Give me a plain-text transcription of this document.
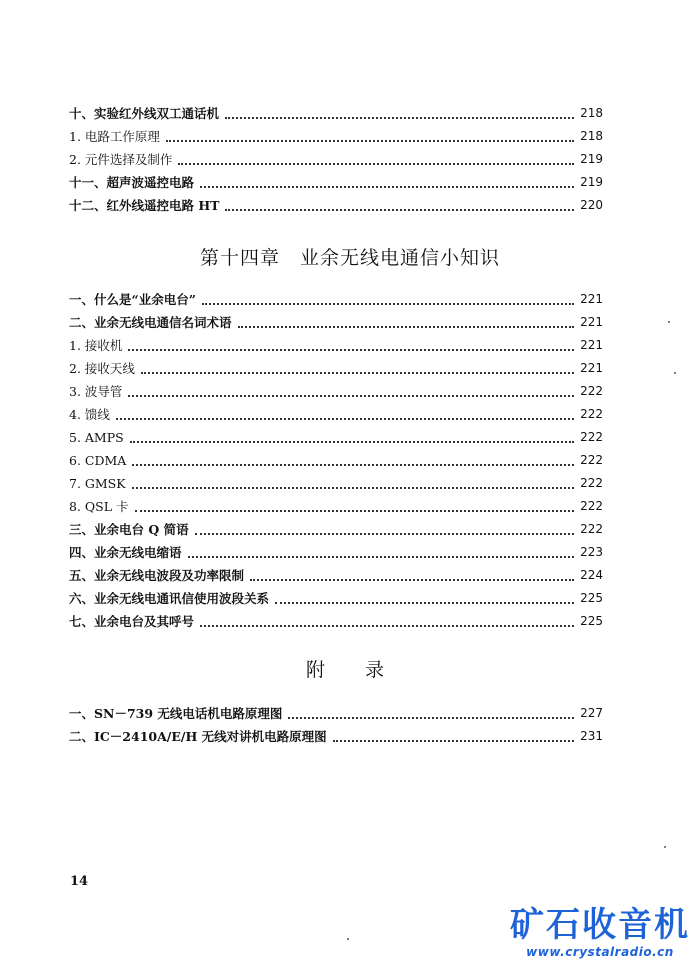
十、实验红外线双工通话机	218
1. 电路工作原理	218
2. 元件选择及制作	219
十一、超声波遥控电路	219
十二、红外线遥控电路 HT	220
第十四章　业余无线电通信小知识
一、什么是“业余电台”	221
二、业余无线电通信名词术语	221
1. 接收机	221
2. 接收天线	221
3. 波导管	222
4. 馈线	222
5. AMPS	222
6. CDMA	222
7. GMSK	222
8. QSL 卡	222
三、业余电台 Q 简语	222
四、业余无线电缩语	223
五、业余无线电波段及功率限制	224
六、业余无线电通讯信使用波段关系	225
七、业余电台及其呼号	225
附录
一、SN－739 无线电话机电路原理图	227
二、IC－2410A/E/H 无线对讲机电路原理图	231
14
矿石收音机
www.crystalradio.cn
